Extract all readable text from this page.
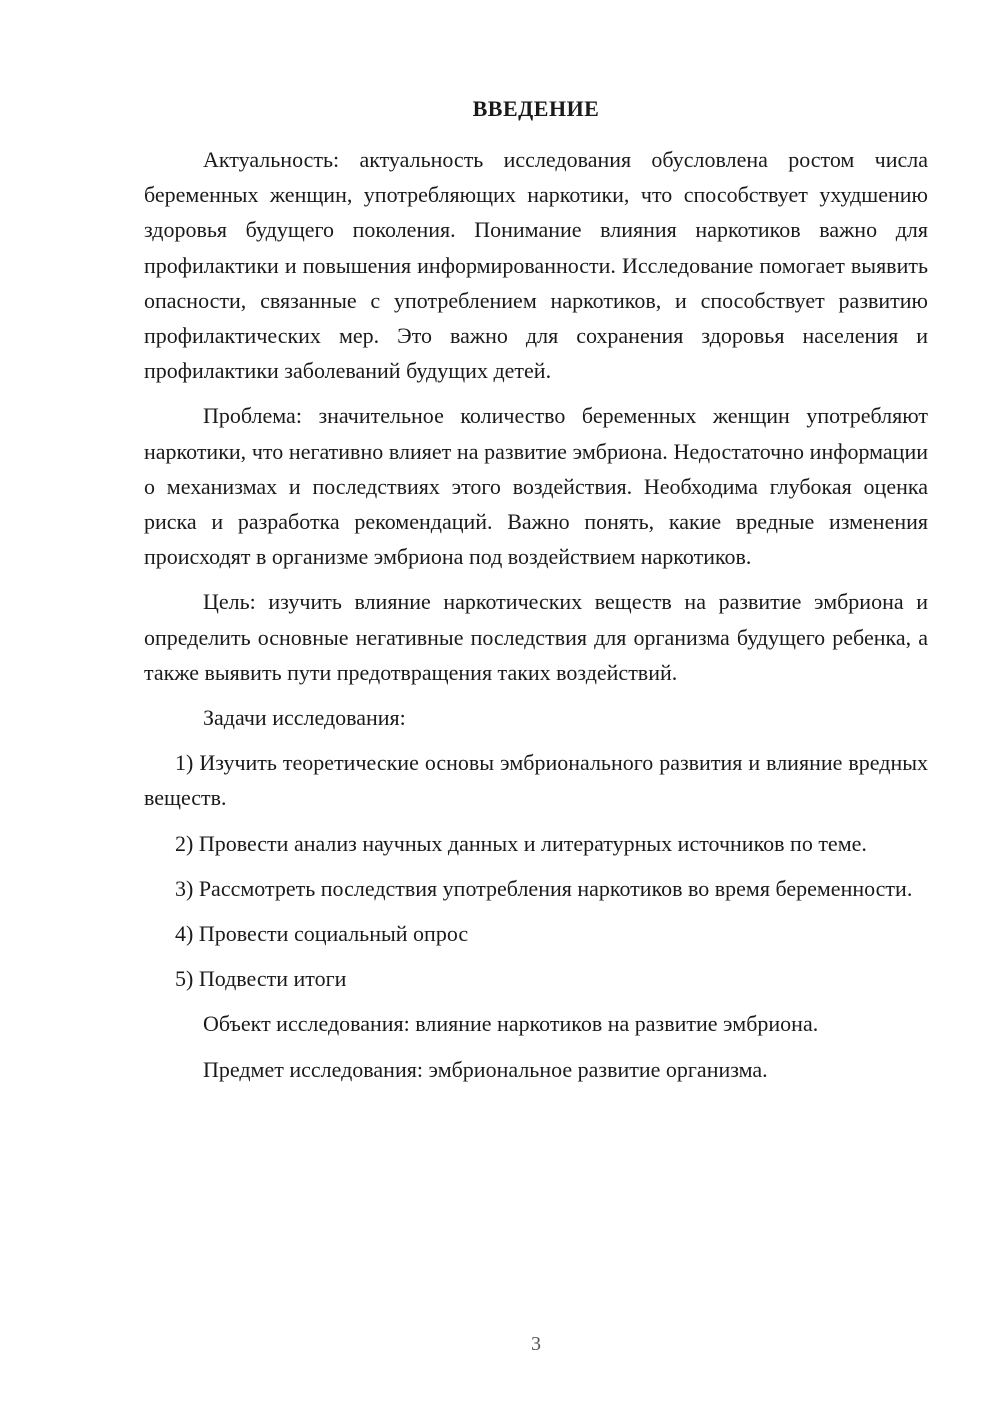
ВВЕДЕНИЕ

Актуальность: актуальность исследования обусловлена ростом числа беременных женщин, употребляющих наркотики, что способствует ухудшению здоровья будущего поколения. Понимание влияния наркотиков важно для профилактики и повышения информированности. Исследование помогает выявить опасности, связанные с употреблением наркотиков, и способствует развитию профилактических мер. Это важно для сохранения здоровья населения и профилактики заболеваний будущих детей.

Проблема: значительное количество беременных женщин употребляют наркотики, что негативно влияет на развитие эмбриона. Недостаточно информации о механизмах и последствиях этого воздействия. Необходима глубокая оценка риска и разработка рекомендаций. Важно понять, какие вредные изменения происходят в организме эмбриона под воздействием наркотиков.

Цель: изучить влияние наркотических веществ на развитие эмбриона и определить основные негативные последствия для организма будущего ребенка, а также выявить пути предотвращения таких воздействий.

Задачи исследования:

1) Изучить теоретические основы эмбрионального развития и влияние вредных веществ.

2) Провести анализ научных данных и литературных источников по теме.

3) Рассмотреть последствия употребления наркотиков во время беременности.

4) Провести социальный опрос

5) Подвести итоги

Объект исследования: влияние наркотиков на развитие эмбриона.

Предмет исследования: эмбриональное развитие организма.

3
